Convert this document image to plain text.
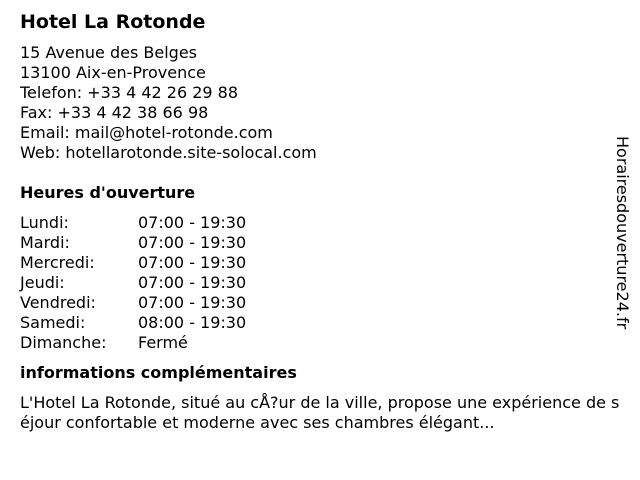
Hotel La Rotonde
15 Avenue des Belges
13100 Aix-en-Provence
Telefon: +33 4 42 26 29 88
Fax: +33 4 42 38 66 98
Email: mail@hotel-rotonde.com
Web: hotellarotonde.site-solocal.com
Heures d'ouverture
Lundi:	07:00 - 19:30
Mardi:	07:00 - 19:30
Mercredi:	07:00 - 19:30
Jeudi:	07:00 - 19:30
Vendredi:	07:00 - 19:30
Samedi:	08:00 - 19:30
Dimanche:	Fermé
informations complémentaires
L'Hotel La Rotonde, situé au cÅ?ur de la ville, propose une expérience de séjour confortable et moderne avec ses chambres élégant...
Horairesdouverture24.fr
